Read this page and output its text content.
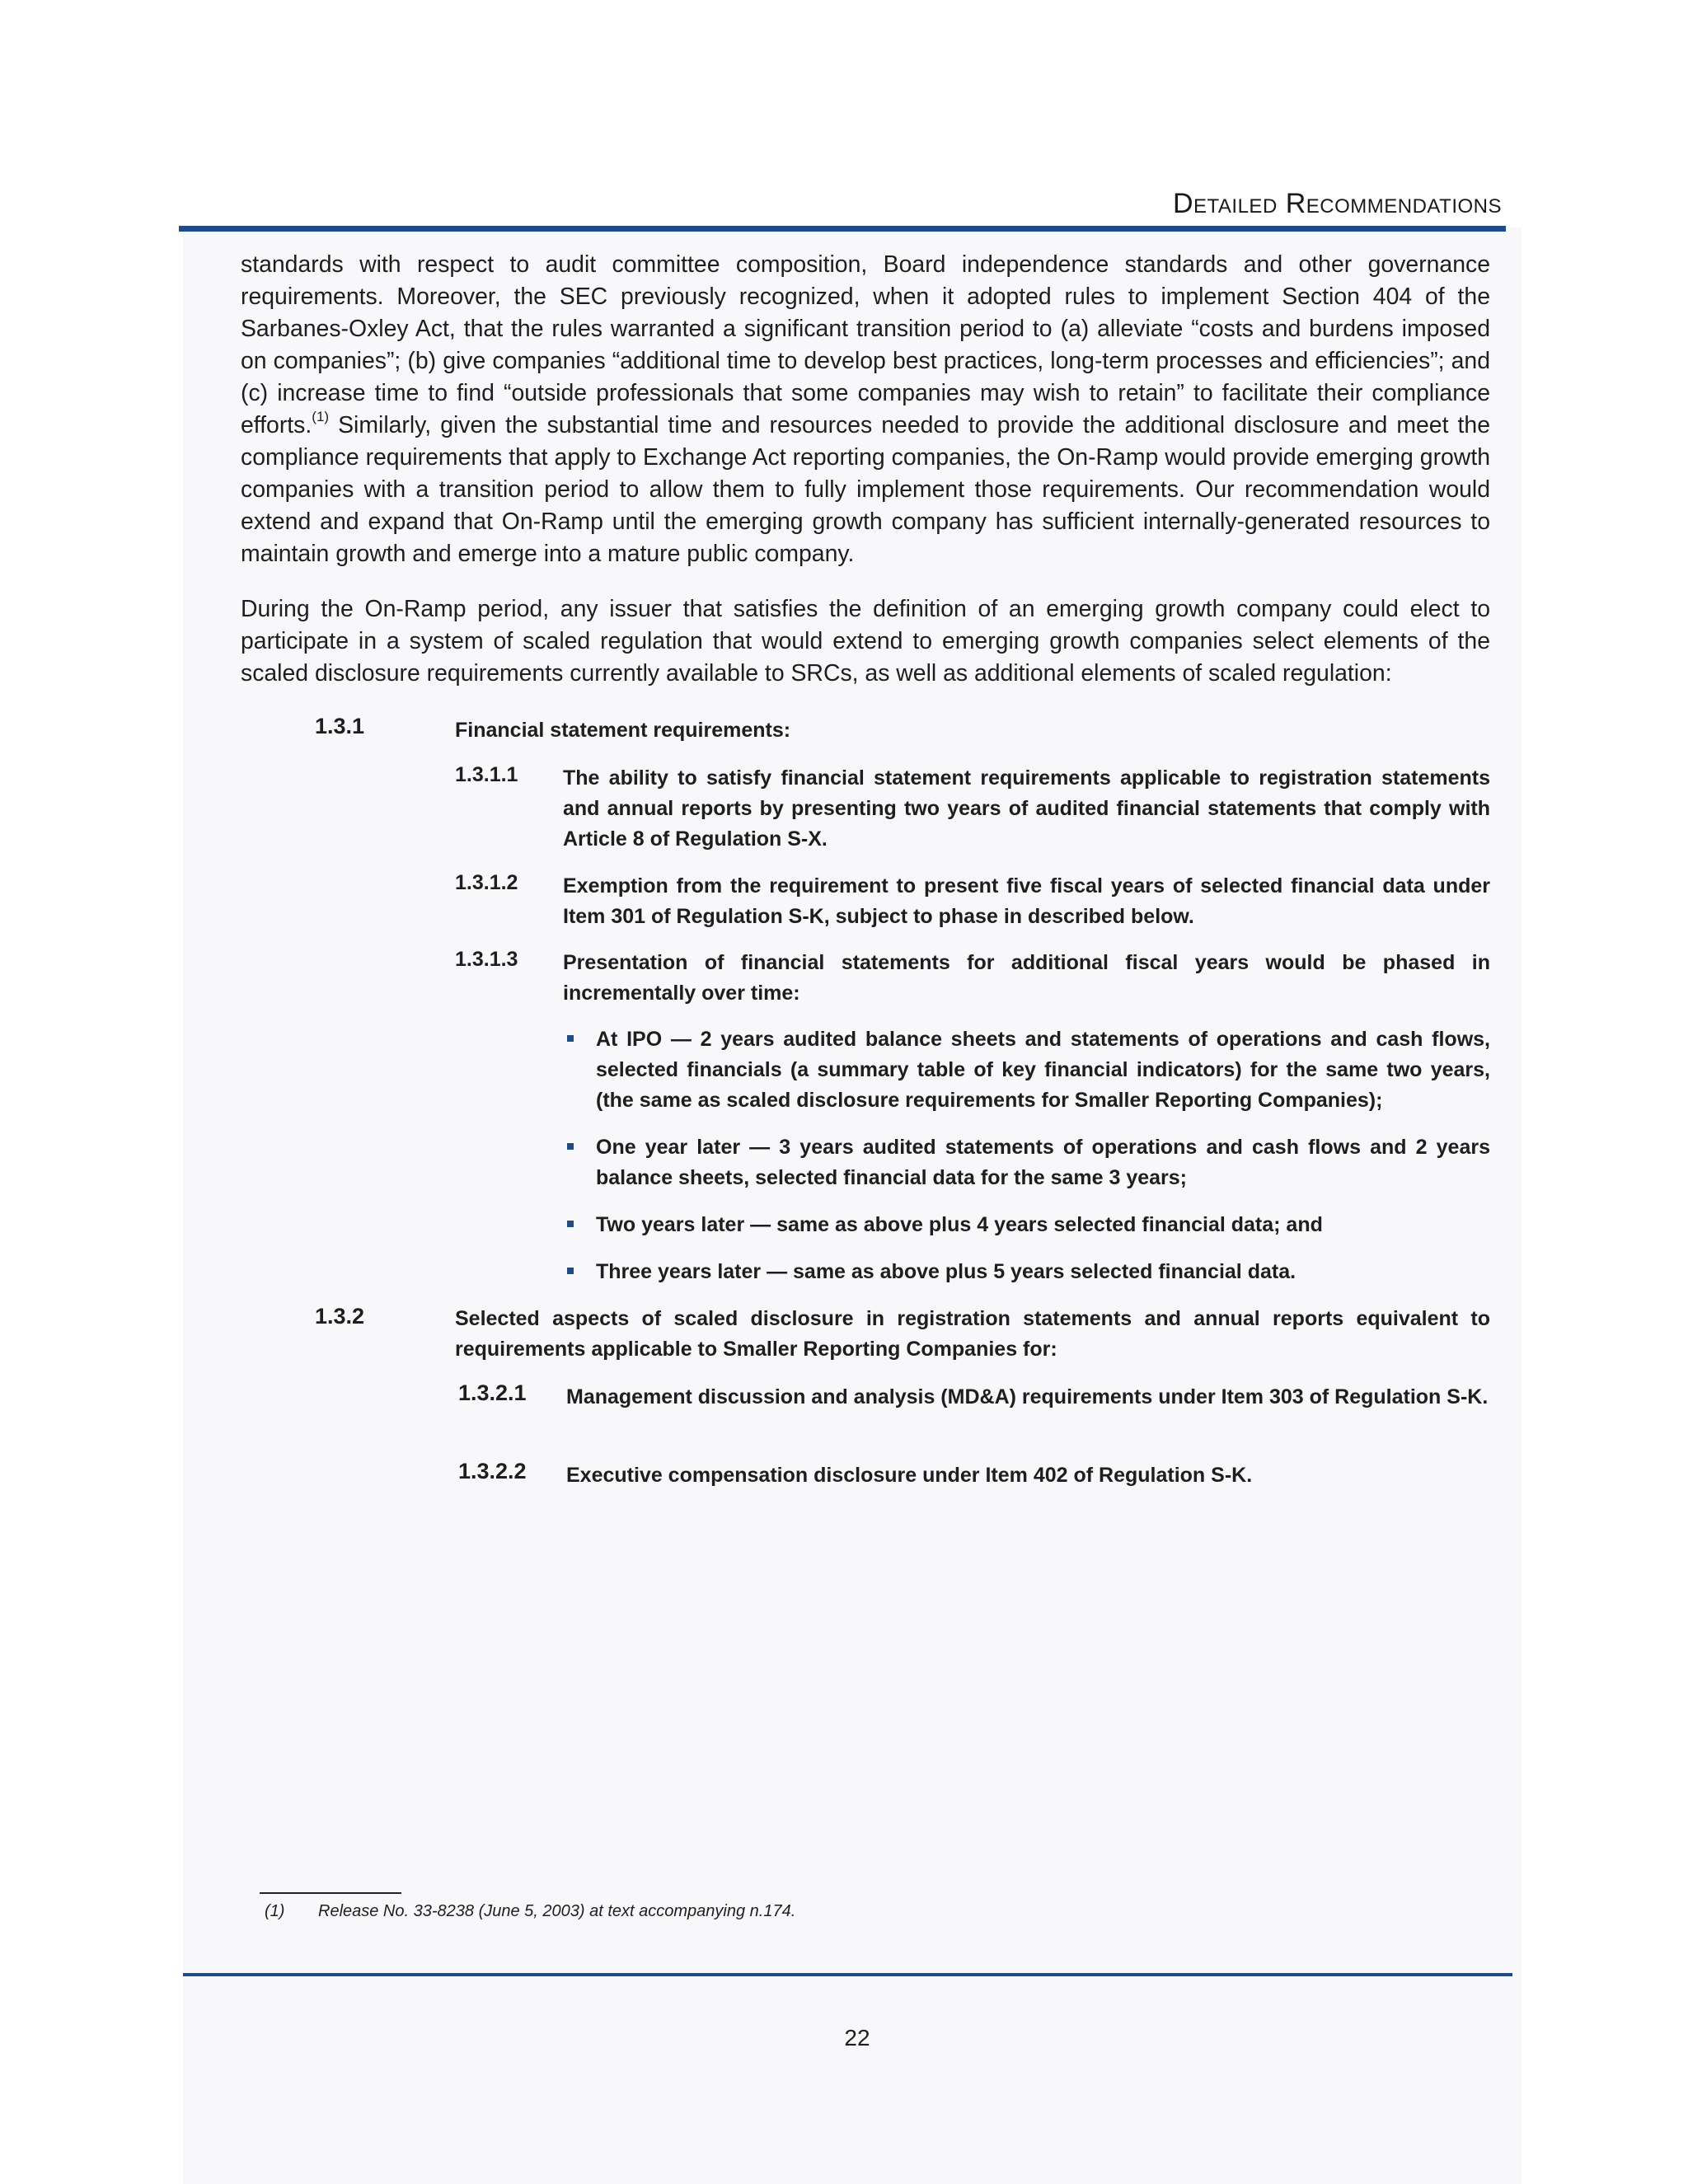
Detailed Recommendations

standards with respect to audit committee composition, Board independence standards and other governance requirements. Moreover, the SEC previously recognized, when it adopted rules to implement Section 404 of the Sarbanes-Oxley Act, that the rules warranted a significant transition period to (a) alleviate “costs and burdens imposed on companies”; (b) give companies “additional time to develop best practices, long-term processes and efficiencies”; and (c) increase time to find “outside professionals that some companies may wish to retain” to facilitate their compliance efforts.$^{(1)}$ Similarly, given the substantial time and resources needed to provide the additional disclosure and meet the compliance requirements that apply to Exchange Act reporting companies, the On-Ramp would provide emerging growth companies with a transition period to allow them to fully implement those requirements. Our recommendation would extend and expand that On-Ramp until the emerging growth company has sufficient internally-generated resources to maintain growth and emerge into a mature public company.

During the On-Ramp period, any issuer that satisfies the definition of an emerging growth company could elect to participate in a system of scaled regulation that would extend to emerging growth companies select elements of the scaled disclosure requirements currently available to SRCs, as well as additional elements of scaled regulation:

1.3.1	Financial statement requirements:

1.3.1.1 The ability to satisfy financial statement requirements applicable to registration statements and annual reports by presenting two years of audited financial statements that comply with Article 8 of Regulation S-X.

1.3.1.2 Exemption from the requirement to present five fiscal years of selected financial data under Item 301 of Regulation S-K, subject to phase in described below.

1.3.1.3 Presentation of financial statements for additional fiscal years would be phased in incrementally over time:

At IPO — 2 years audited balance sheets and statements of operations and cash flows, selected financials (a summary table of key financial indicators) for the same two years, (the same as scaled disclosure requirements for Smaller Reporting Companies);

One year later — 3 years audited statements of operations and cash flows and 2 years balance sheets, selected financial data for the same 3 years;

Two years later — same as above plus 4 years selected financial data; and

Three years later — same as above plus 5 years selected financial data.

1.3.2	Selected aspects of scaled disclosure in registration statements and annual reports equivalent to requirements applicable to Smaller Reporting Companies for:

1.3.2.1 Management discussion and analysis (MD&A) requirements under Item 303 of Regulation S-K.

1.3.2.2 Executive compensation disclosure under Item 402 of Regulation S-K.

(1) Release No. 33-8238 (June 5, 2003) at text accompanying n.174.
22
